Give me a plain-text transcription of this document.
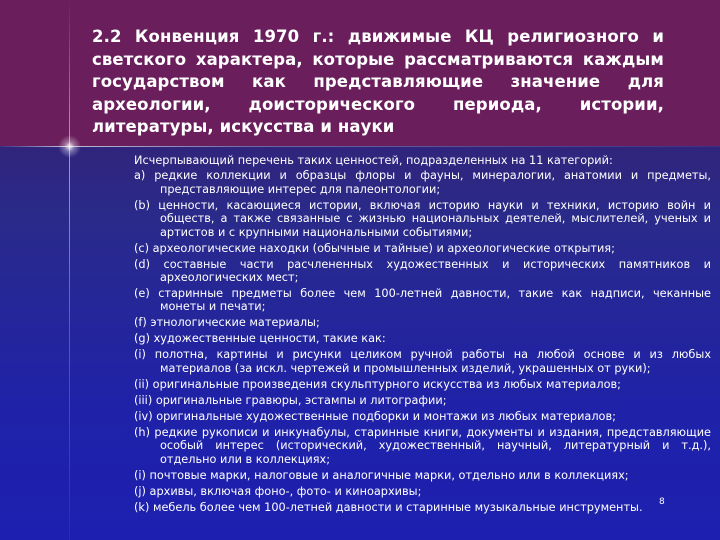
2.2 Конвенция 1970 г.: движимые КЦ религиозного и
светского характера, которые рассматриваются каждым
государством как представляющие значение для
археологии, доисторического периода, истории,
литературы, искусства и науки
Исчерпывающий перечень таких ценностей, подразделенных на 11 категорий:
а) редкие коллекции и образцы флоры и фауны, минералогии, анатомии и предметы, представляющие интерес для палеонтологии;
(b) ценности, касающиеся истории, включая историю науки и техники, историю войн и обществ, а также связанные с жизнью национальных деятелей, мыслителей, ученых и артистов и с крупными национальными событиями;
(c) археологические находки (обычные и тайные) и археологические открытия;
(d) составные части расчлененных художественных и исторических памятников и археологических мест;
(e) старинные предметы более чем 100-летней давности, такие как надписи, чеканные монеты и печати;
(f) этнологические материалы;
(g) художественные ценности, такие как:
(i) полотна, картины и рисунки целиком ручной работы на любой основе и из любых материалов (за искл. чертежей и промышленных изделий, украшенных от руки);
(ii) оригинальные произведения скульптурного искусства из любых материалов;
(iii) оригинальные гравюры, эстампы и литографии;
(iv) оригинальные художественные подборки и монтажи из любых материалов;
(h) редкие рукописи и инкунабулы, старинные книги, документы и издания, представляющие особый интерес (исторический, художественный, научный, литературный и т.д.), отдельно или в коллекциях;
(i) почтовые марки, налоговые и аналогичные марки, отдельно или в коллекциях;
(j) архивы, включая фоно-, фото- и киноархивы;
(k) мебель более чем 100-летней давности и старинные музыкальные инструменты.	8
